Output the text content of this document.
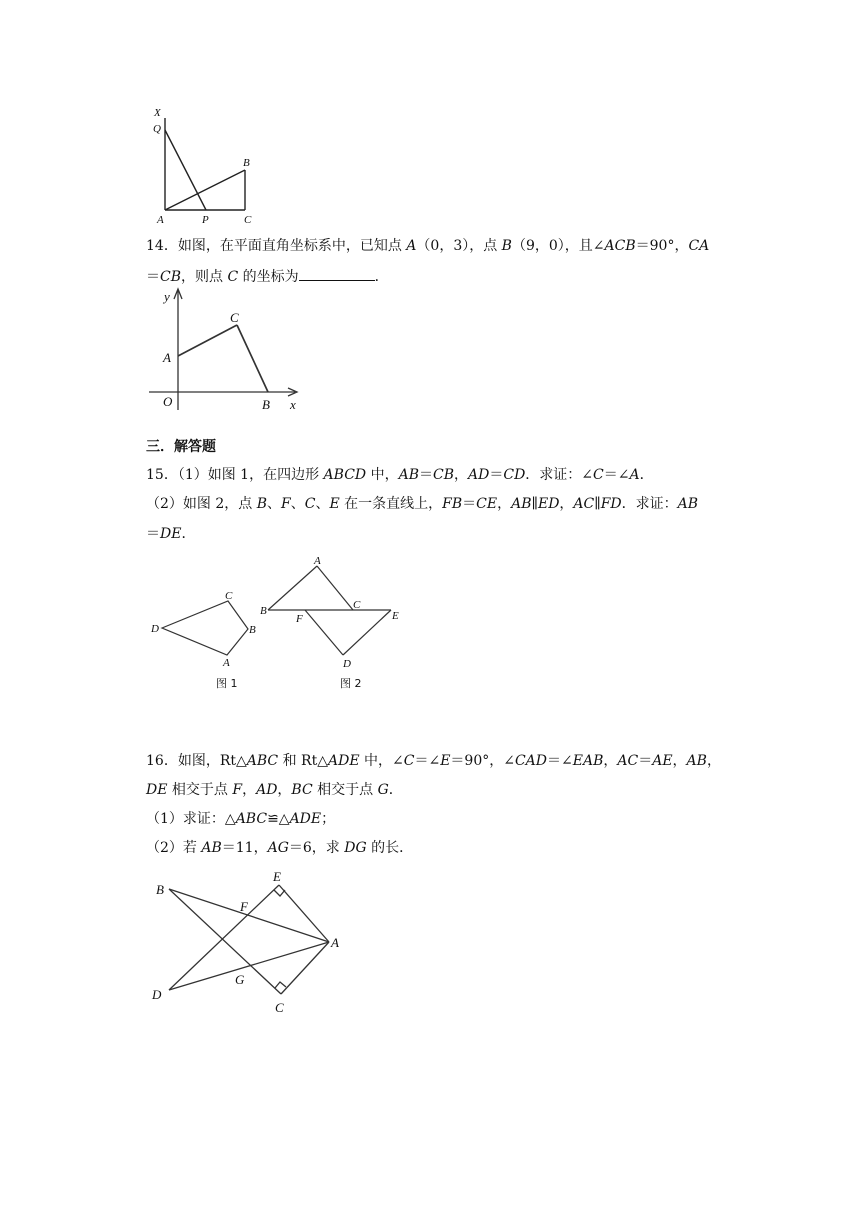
X
Q
B
A	P	C
14．如图，在平面直角坐标系中，已知点 A（0，3），点 B（9，0），且∠ACB＝90°，CA
＝CB，则点 C 的坐标为	．
y
C
A
O	B x
三．解答题
15．（1）如图 1，在四边形 ABCD 中，AB＝CB，AD＝CD．求证：∠C＝∠A．
（2）如图 2，点 B、F、C、E 在一条直线上，FB＝CE，AB∥ED，AC∥FD．求证：AB
＝DE．
C
D	B
A
图 1
A
B	C
F	E
D
图 2
16．如图，Rt△ABC 和 Rt△ADE 中，∠C＝∠E＝90°，∠CAD＝∠EAB，AC＝AE，AB，
DE 相交于点 F，AD，BC 相交于点 G．
（1）求证：△ABC≌△ADE；
（2）若 AB＝11，AG＝6，求 DG 的长．
B
E
F
A
D
G
C
